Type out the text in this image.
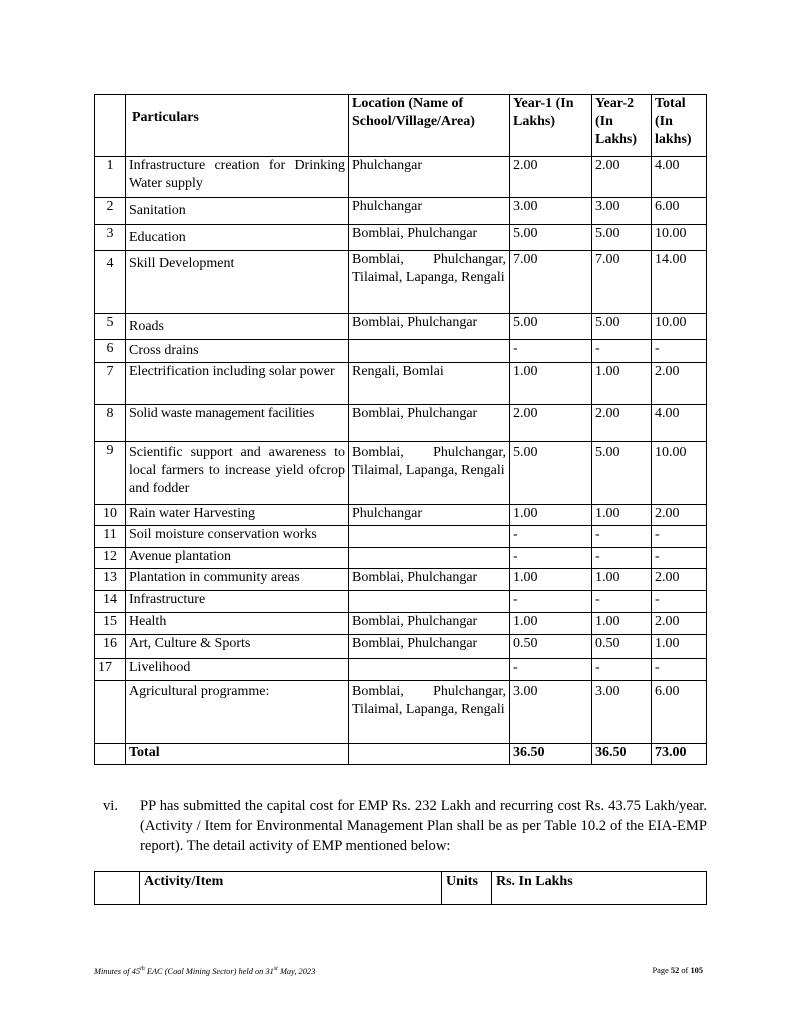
	Particulars	Location (Name of School/Village/Area)	Year-1 (In Lakhs)	Year-2 (In Lakhs)	Total (In lakhs)
1	Infrastructure creation for Drinking Water supply	Phulchangar	2.00	2.00	4.00
2	Sanitation	Phulchangar	3.00	3.00	6.00
3	Education	Bomblai, Phulchangar	5.00	5.00	10.00
4	Skill Development	Bomblai, Phulchangar, Tilaimal, Lapanga, Rengali	7.00	7.00	14.00
5	Roads	Bomblai, Phulchangar	5.00	5.00	10.00
6	Cross drains		-	-	-
7	Electrification including solar power	Rengali, Bomlai	1.00	1.00	2.00
8	Solid waste management facilities	Bomblai, Phulchangar	2.00	2.00	4.00
9	Scientific support and awareness to local farmers to increase yield ofcrop and fodder	Bomblai, Phulchangar, Tilaimal, Lapanga, Rengali	5.00	5.00	10.00
10	Rain water Harvesting	Phulchangar	1.00	1.00	2.00
11	Soil moisture conservation works		-	-	-
12	Avenue plantation		-	-	-
13	Plantation in community areas	Bomblai, Phulchangar	1.00	1.00	2.00
14	Infrastructure		-	-	-
15	Health	Bomblai, Phulchangar	1.00	1.00	2.00
16	Art, Culture & Sports	Bomblai, Phulchangar	0.50	0.50	1.00
17	Livelihood		-	-	-
	Agricultural programme:	Bomblai, Phulchangar, Tilaimal, Lapanga, Rengali	3.00	3.00	6.00
	Total		36.50	36.50	73.00
vi. PP has submitted the capital cost for EMP Rs. 232 Lakh and recurring cost Rs. 43.75 Lakh/year. (Activity / Item for Environmental Management Plan shall be as per Table 10.2 of the EIA-EMP report). The detail activity of EMP mentioned below:
	Activity/Item	Units	Rs. In Lakhs
Minutes of 45th EAC (Coal Mining Sector) held on 31st May, 2023	Page 52 of 105
